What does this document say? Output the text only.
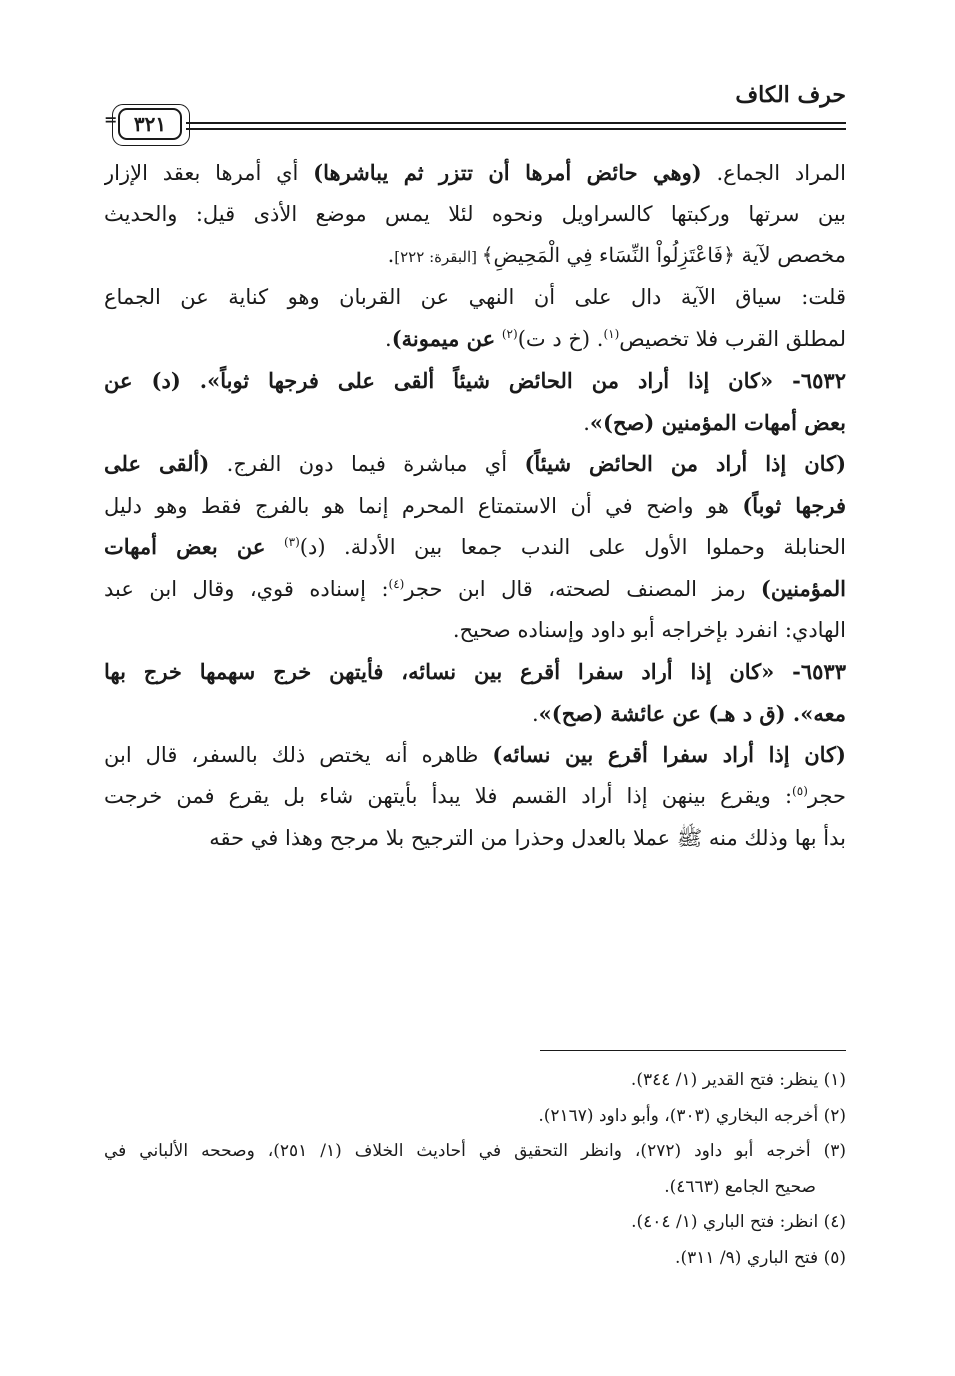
حرف الكاف
٣٢١
=
المراد الجماع. (وهي حائض أمرها أن تتزر ثم يباشرها) أي أمرها بعقد الإزار
بين سرتها وركبتها كالسراويل ونحوه لئلا يمس موضع الأذى قيل: والحديث
مخصص لآية ﴿فَاعْتَزِلُواْ النِّسَاء فِي الْمَحِيضِ﴾ [البقرة: ٢٢٢].
قلت: سياق الآية دال على أن النهي عن القربان وهو كناية عن الجماع
لمطلق القرب فلا تخصيص$^{(١)}$. (خ د ت)$^{(٢)}$ عن ميمونة).
٦٥٣٢- «كان إذا أراد من الحائض شيئاً ألقى على فرجها ثوباً». (د) عن
بعض أمهات المؤمنين (صح)».
(كان إذا أراد من الحائض شيئاً) أي مباشرة فيما دون الفرج. (ألقى على
فرجها ثوباً) هو واضح في أن الاستمتاع المحرم إنما هو بالفرج فقط وهو دليل
الحنابلة وحملوا الأول على الندب جمعا بين الأدلة. (د)$^{(٣)}$ عن بعض أمهات
المؤمنين) رمز المصنف لصحته، قال ابن حجر$^{(٤)}$: إسناده قوي، وقال ابن عبد
الهادي: انفرد بإخراجه أبو داود وإسناده صحيح.
٦٥٣٣- «كان إذا أراد سفرا أقرع بين نسائه، فأيتهن خرج سهمها خرج بها
معه». (ق د هـ) عن عائشة (صح)».
(كان إذا أراد سفرا أقرع بين نسائه) ظاهره أنه يختص ذلك بالسفر، قال ابن
حجر$^{(٥)}$: ويقرع بينهن إذا أراد القسم فلا يبدأ بأيتهن شاء بل يقرع فمن خرجت
بدأ بها وذلك منه ﷺ عملا بالعدل وحذرا من الترجيح بلا مرجح وهذا في حقه
(١) ينظر: فتح القدير (١/ ٣٤٤).
(٢) أخرجه البخاري (٣٠٣)، وأبو داود (٢١٦٧).
(٣) أخرجه أبو داود (٢٧٢)، وانظر التحقيق في أحاديث الخلاف (١/ ٢٥١)، وصححه الألباني في
صحيح الجامع (٤٦٦٣).
(٤) انظر: فتح الباري (١/ ٤٠٤).
(٥) فتح الباري (٩/ ٣١١).
